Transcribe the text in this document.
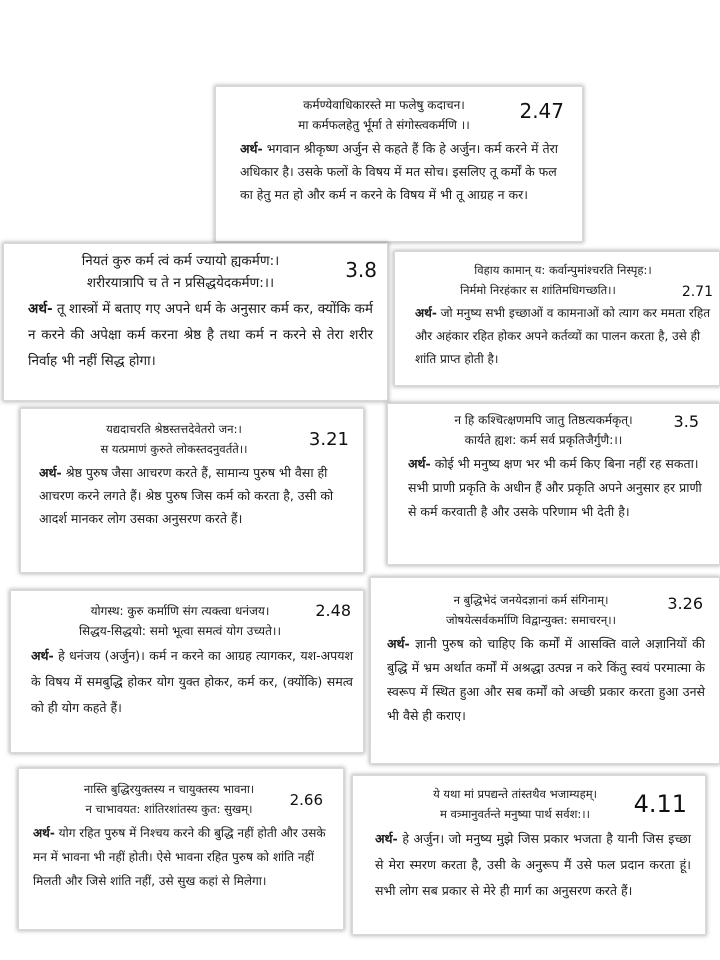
कर्मण्येवाधिकारस्ते मा फलेषु कदाचन।
मा कर्मफलहेतु र्भूर्मा ते संगोस्त्वकर्मणि ।।
अर्थ- भगवान श्रीकृष्ण अर्जुन से कहते हैं कि हे अर्जुन। कर्म करने में तेरा अधिकार है। उसके फलों के विषय में मत सोच। इसलिए तू कर्मों के फल का हेतु मत हो और कर्म न करने के विषय में भी तू आग्रह न कर।
2.47
नियतं कुरु कर्म त्वं कर्म ज्यायो ह्यकर्मण:।
शरीरयात्रापि च ते न प्रसिद्धयेदकर्मण:।।
अर्थ- तू शास्त्रों में बताए गए अपने धर्म के अनुसार कर्म कर, क्योंकि कर्म न करने की अपेक्षा कर्म करना श्रेष्ठ है तथा कर्म न करने से तेरा शरीर निर्वाह भी नहीं सिद्ध होगा।
3.8	विहाय कामान् य: कर्वान्पुमांश्चरति निस्पृह:।
निर्ममो निरहंकार स शांतिमधिगच्छति।।
अर्थ- जो मनुष्य सभी इच्छाओं व कामनाओं को त्याग कर ममता रहित और अहंकार रहित होकर अपने कर्तव्यों का पालन करता है, उसे ही शांति प्राप्त होती है।
2.71
यद्यदाचरति श्रेष्ठस्तत्तदेवेतरो जन:।
स यत्प्रमाणं कुरुते लोकस्तदनुवर्तते।।
अर्थ- श्रेष्ठ पुरुष जैसा आचरण करते हैं, सामान्य पुरुष भी वैसा ही आचरण करने लगते हैं। श्रेष्ठ पुरुष जिस कर्म को करता है, उसी को आदर्श मानकर लोग उसका अनुसरण करते हैं।
3.21
न हि कश्चित्क्षणमपि जातु तिष्ठत्यकर्मकृत्।
कार्यते ह्यश: कर्म सर्व प्रकृतिजैर्गुणै:।।
अर्थ- कोई भी मनुष्य क्षण भर भी कर्म किए बिना नहीं रह सकता। सभी प्राणी प्रकृति के अधीन हैं और प्रकृति अपने अनुसार हर प्राणी से कर्म करवाती है और उसके परिणाम भी देती है।
3.5
योगस्थ: कुरु कर्माणि संग त्यक्त्वा धनंजय।
सिद्धय-सिद्धयो: समो भूत्वा समत्वं योग उच्यते।।
अर्थ- हे धनंजय (अर्जुन)। कर्म न करने का आग्रह त्यागकर, यश-अपयश के विषय में समबुद्धि होकर योग युक्त होकर, कर्म कर, (क्योंकि) समत्व को ही योग कहते हैं।
2.48
न बुद्धिभेदं जनयेदज्ञानां कर्म संगिनाम्।
जोषयेत्सर्वकर्माणि विद्वान्युक्त: समाचरन्।।
अर्थ- ज्ञानी पुरुष को चाहिए कि कर्मों में आसक्ति वाले अज्ञानियों की बुद्धि में भ्रम अर्थात कर्मों में अश्रद्धा उत्पन्न न करे किंतु स्वयं परमात्मा के स्वरूप में स्थित हुआ और सब कर्मों को अच्छी प्रकार करता हुआ उनसे भी वैसे ही कराए।
3.26
नास्ति बुद्धिरयुक्तस्य न चायुक्तस्य भावना।
न चाभावयत: शांतिरशांतस्य कुत: सुखम्।
अर्थ- योग रहित पुरुष में निश्चय करने की बुद्धि नहीं होती और उसके मन में भावना भी नहीं होती। ऐसे भावना रहित पुरुष को शांति नहीं मिलती और जिसे शांति नहीं, उसे सुख कहां से मिलेगा।
2.66	ये यथा मां प्रपद्यन्ते तांस्तथैव भजाम्यहम्।
म वत्र्मानुवर्तन्ते मनुष्या पार्थ सर्वश:।।
अर्थ- हे अर्जुन। जो मनुष्य मुझे जिस प्रकार भजता है यानी जिस इच्छा से मेरा स्मरण करता है, उसी के अनुरूप मैं उसे फल प्रदान करता हूं। सभी लोग सब प्रकार से मेरे ही मार्ग का अनुसरण करते हैं।
4.11
